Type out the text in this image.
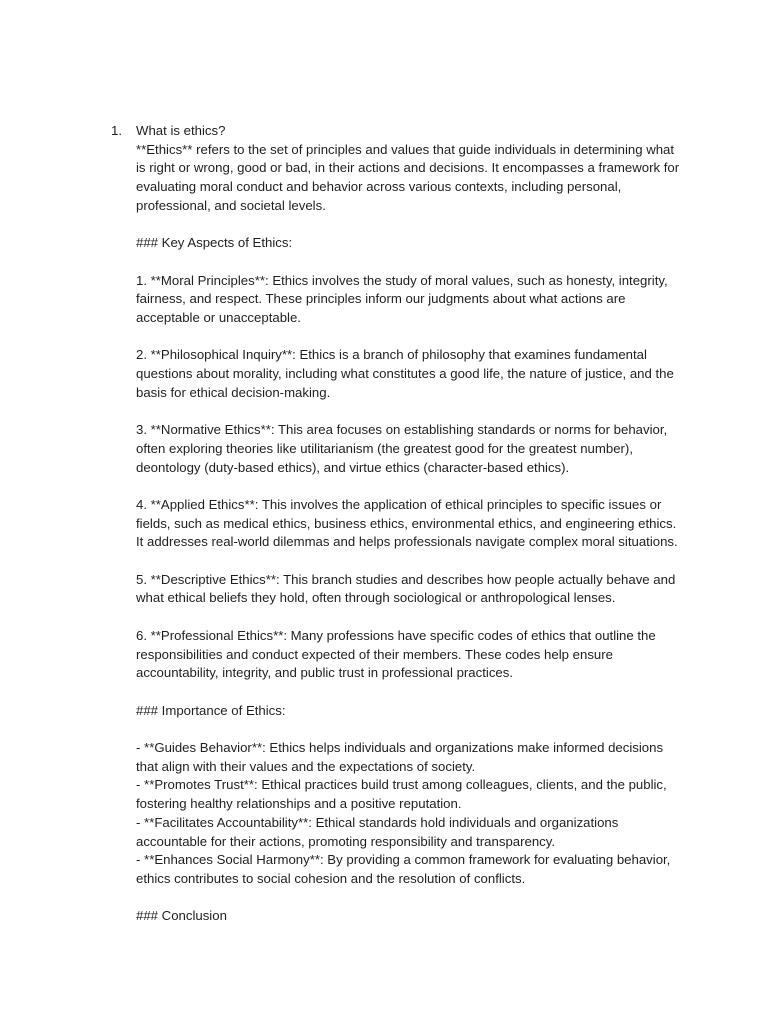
1. What is ethics?

**Ethics** refers to the set of principles and values that guide individuals in determining what is right or wrong, good or bad, in their actions and decisions. It encompasses a framework for evaluating moral conduct and behavior across various contexts, including personal, professional, and societal levels.

### Key Aspects of Ethics:

1. **Moral Principles**: Ethics involves the study of moral values, such as honesty, integrity, fairness, and respect. These principles inform our judgments about what actions are acceptable or unacceptable.

2. **Philosophical Inquiry**: Ethics is a branch of philosophy that examines fundamental questions about morality, including what constitutes a good life, the nature of justice, and the basis for ethical decision-making.

3. **Normative Ethics**: This area focuses on establishing standards or norms for behavior, often exploring theories like utilitarianism (the greatest good for the greatest number), deontology (duty-based ethics), and virtue ethics (character-based ethics).

4. **Applied Ethics**: This involves the application of ethical principles to specific issues or fields, such as medical ethics, business ethics, environmental ethics, and engineering ethics. It addresses real-world dilemmas and helps professionals navigate complex moral situations.

5. **Descriptive Ethics**: This branch studies and describes how people actually behave and what ethical beliefs they hold, often through sociological or anthropological lenses.

6. **Professional Ethics**: Many professions have specific codes of ethics that outline the responsibilities and conduct expected of their members. These codes help ensure accountability, integrity, and public trust in professional practices.

### Importance of Ethics:

- **Guides Behavior**: Ethics helps individuals and organizations make informed decisions that align with their values and the expectations of society.

- **Promotes Trust**: Ethical practices build trust among colleagues, clients, and the public, fostering healthy relationships and a positive reputation.

- **Facilitates Accountability**: Ethical standards hold individuals and organizations accountable for their actions, promoting responsibility and transparency.

- **Enhances Social Harmony**: By providing a common framework for evaluating behavior, ethics contributes to social cohesion and the resolution of conflicts.

### Conclusion
